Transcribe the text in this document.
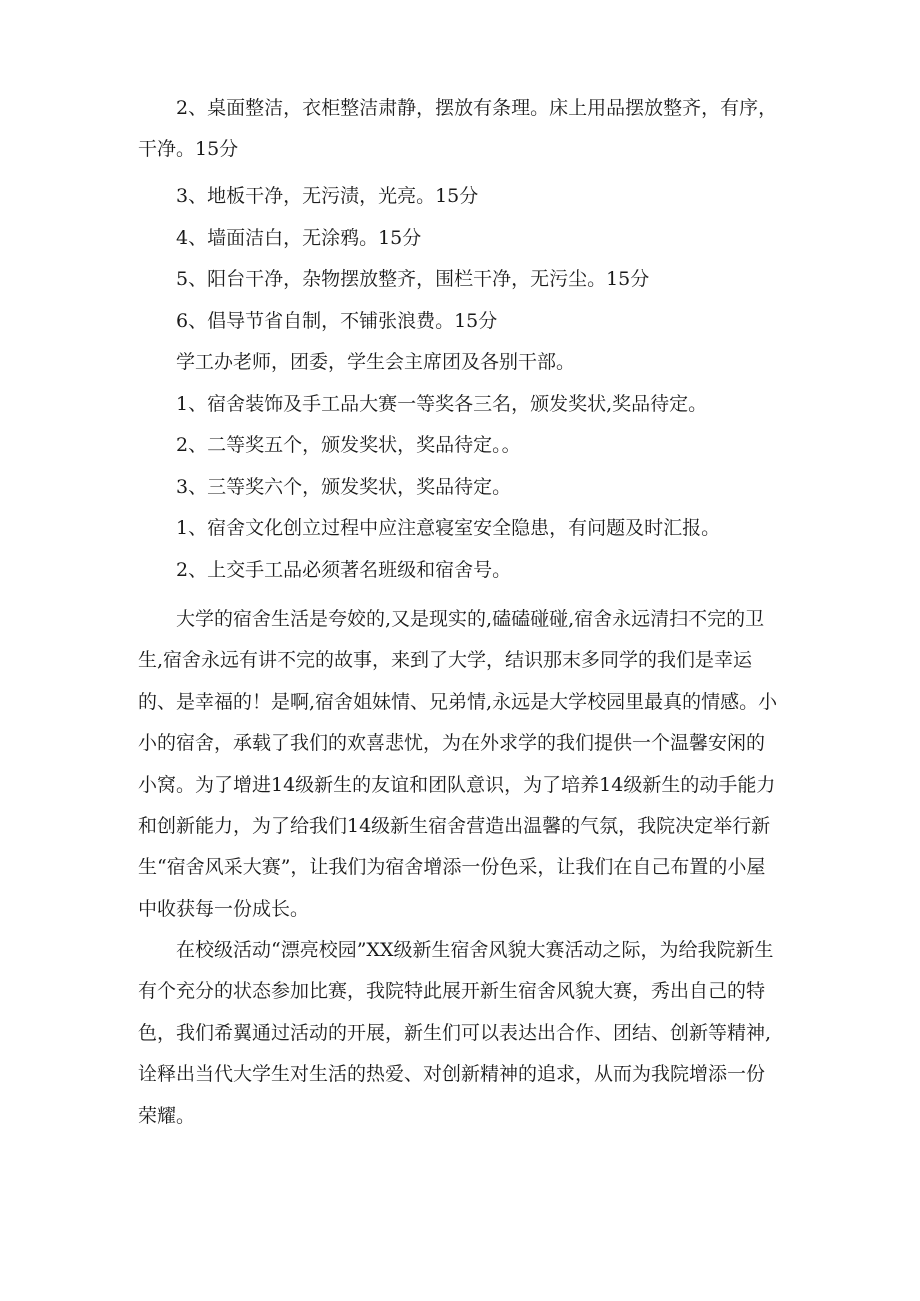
2、桌面整洁，衣柜整洁肃静，摆放有条理。床上用品摆放整齐，有序，干净。15分

3、地板干净，无污渍，光亮。15分

4、墙面洁白，无涂鸦。15分

5、阳台干净，杂物摆放整齐，围栏干净，无污尘。15分

6、倡导节省自制，不铺张浪费。15分

学工办老师，团委，学生会主席团及各别干部。

1、宿舍装饰及手工品大赛一等奖各三名，颁发奖状,奖品待定。

2、二等奖五个，颁发奖状，奖品待定。。

3、三等奖六个，颁发奖状，奖品待定。

1、宿舍文化创立过程中应注意寝室安全隐患，有问题及时汇报。

2、上交手工品必须著名班级和宿舍号。

大学的宿舍生活是夸姣的,又是现实的,磕磕碰碰,宿舍永远清扫不完的卫生,宿舍永远有讲不完的故事，来到了大学，结识那末多同学的我们是幸运的、是幸福的！是啊,宿舍姐妹情、兄弟情,永远是大学校园里最真的情感。小小的宿舍，承载了我们的欢喜悲忧，为在外求学的我们提供一个温馨安闲的小窝。为了增进14级新生的友谊和团队意识，为了培养14级新生的动手能力和创新能力，为了给我们14级新生宿舍营造出温馨的气氛，我院决定举行新生“宿舍风采大赛”，让我们为宿舍增添一份色采，让我们在自己布置的小屋中收获每一份成长。

在校级活动“漂亮校园”XX级新生宿舍风貌大赛活动之际，为给我院新生有个充分的状态参加比赛，我院特此展开新生宿舍风貌大赛，秀出自己的特色，我们希翼通过活动的开展，新生们可以表达出合作、团结、创新等精神,诠释出当代大学生对生活的热爱、对创新精神的追求，从而为我院增添一份荣耀。
